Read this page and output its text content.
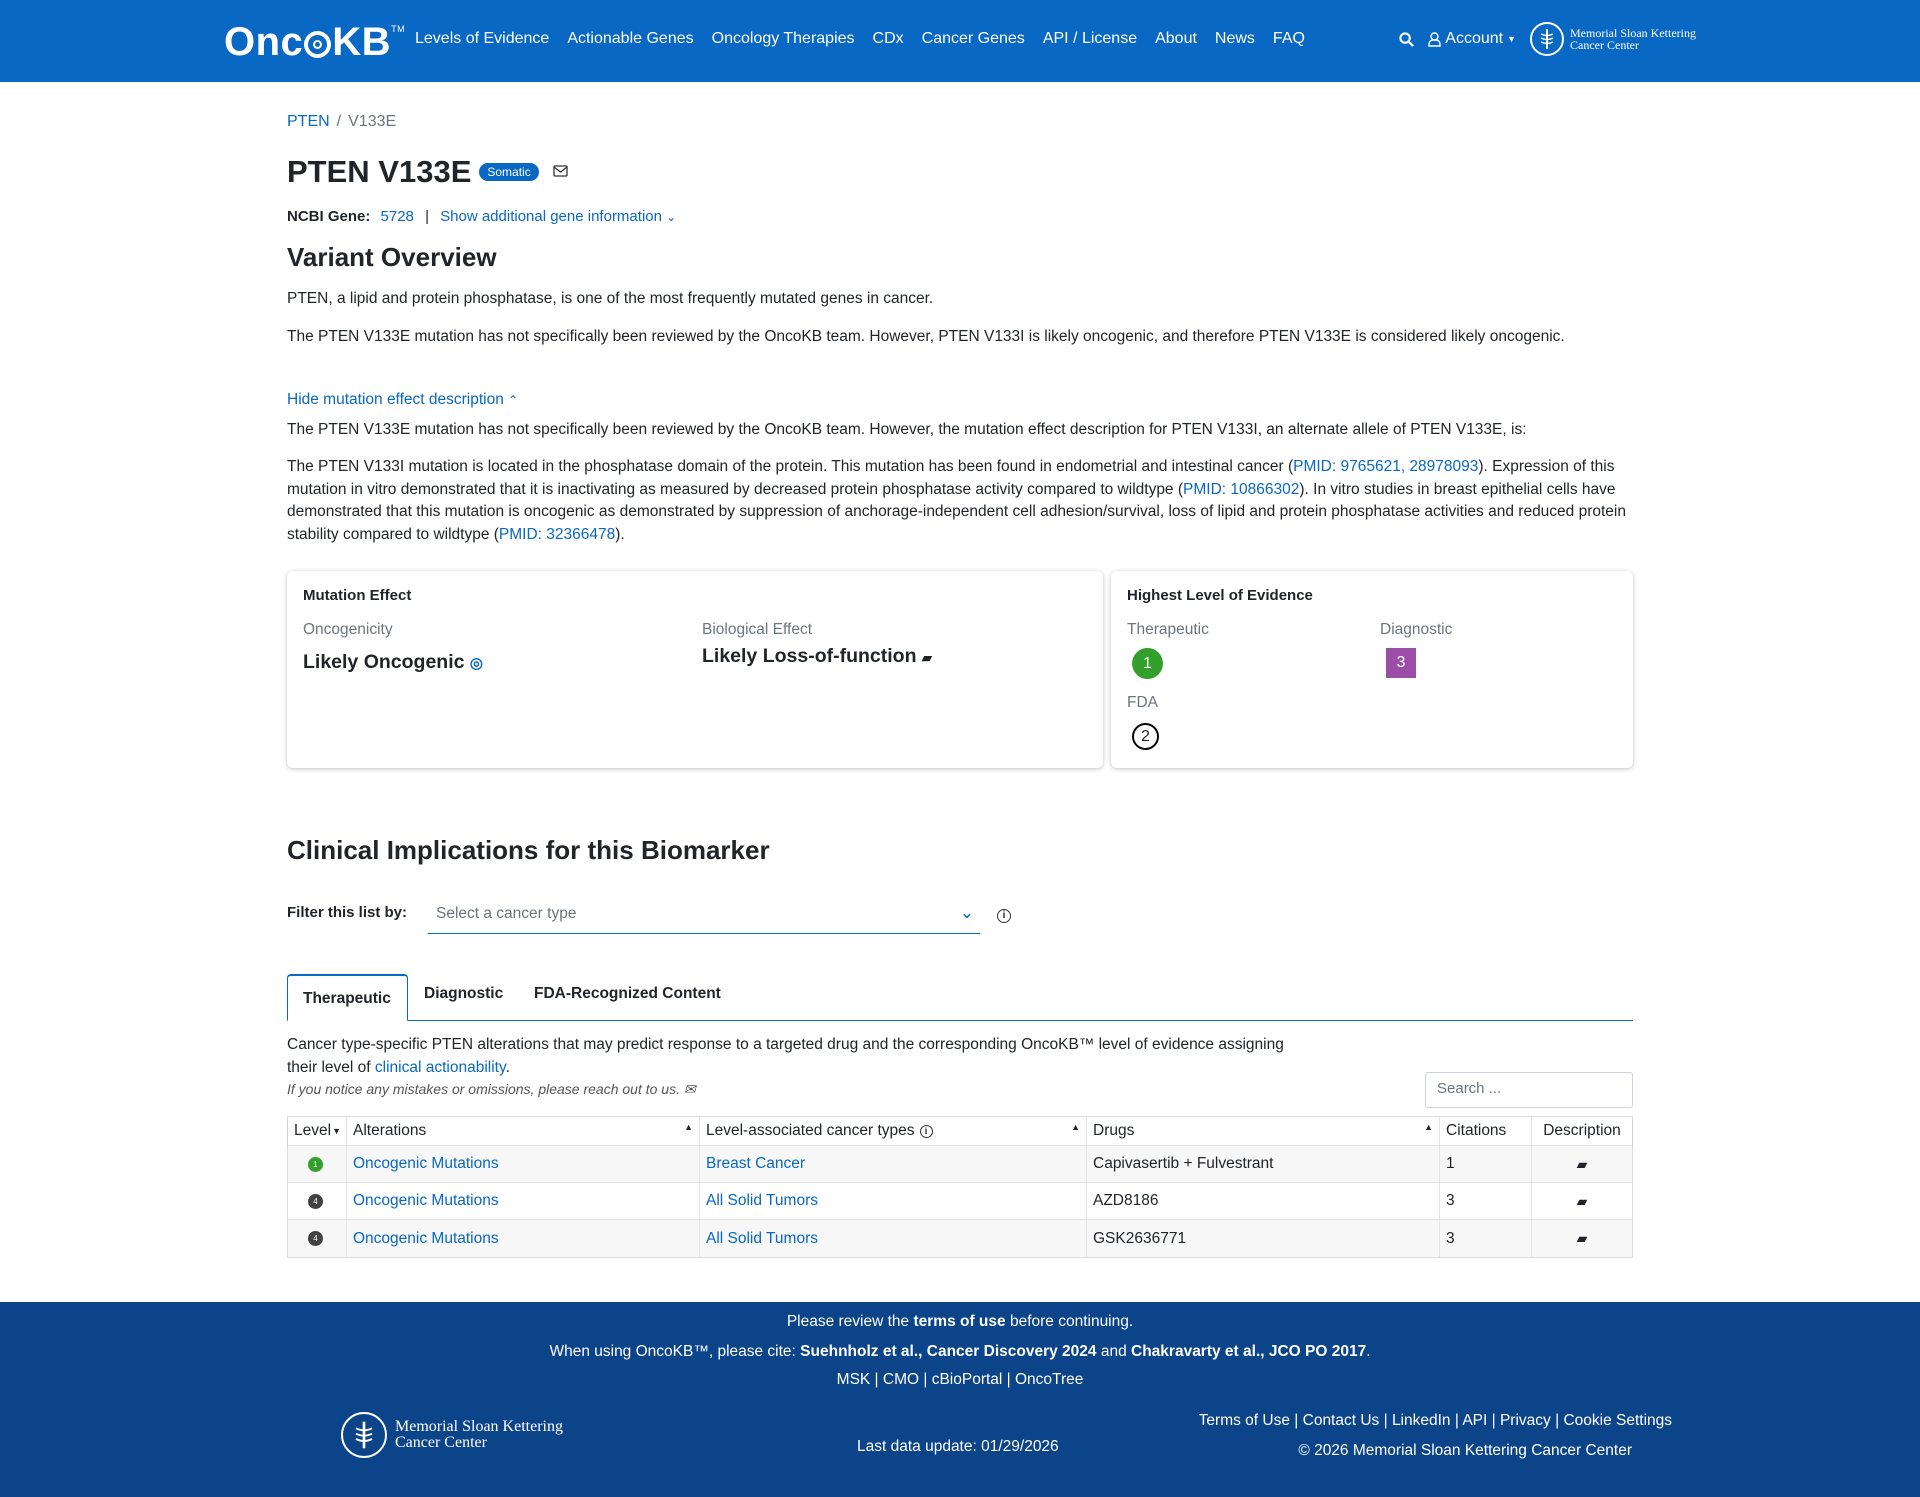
Onc KB™
Levels of Evidence Actionable Genes Oncology Therapies CDx Cancer Genes API / License About News FAQ	Account ▼	Memorial Sloan Kettering
Cancer Center
PTEN / V133E
PTEN V133E	Somatic
NCBI Gene: 5728 | Show additional gene information ⌄
Variant Overview

PTEN, a lipid and protein phosphatase, is one of the most frequently mutated genes in cancer.

The PTEN V133E mutation has not specifically been reviewed by the OncoKB team. However, PTEN V133I is likely oncogenic, and therefore PTEN V133E is considered likely oncogenic.

Hide mutation effect description ⌃

The PTEN V133E mutation has not specifically been reviewed by the OncoKB team. However, the mutation effect description for PTEN V133I, an alternate allele of PTEN V133E, is:

The PTEN V133I mutation is located in the phosphatase domain of the protein. This mutation has been found in endometrial and intestinal cancer (PMID: 9765621, 28978093). Expression of this mutation in vitro demonstrated that it is inactivating as measured by decreased protein phosphatase activity compared to wildtype (PMID: 10866302). In vitro studies in breast epithelial cells have demonstrated that this mutation is oncogenic as demonstrated by suppression of anchorage-independent cell adhesion/survival, loss of lipid and protein phosphatase activities and reduced protein stability compared to wildtype (PMID: 32366478).

Mutation Effect
Oncogenicity
Likely Oncogenic ◎
Biological Effect
Likely Loss-of-function ▰
Highest Level of Evidence
Therapeutic
1
Diagnostic
3
FDA
2
Clinical Implications for this Biomarker
Filter this list by:	Select a cancer type	⌄	i
Therapeutic	Diagnostic	FDA-Recognized Content

Cancer type-specific PTEN alterations that may predict response to a targeted drug and the corresponding OncoKB™ level of evidence assigning their level of clinical actionability.

If you notice any mistakes or omissions, please reach out to us. ✉	Search ...
Level ▼ Alterations	▲ Level-associated cancer types	i	▲ Drugs	▲ Citations Description
1	Oncogenic Mutations	Breast Cancer	Capivasertib + Fulvestrant	1	▰
4	Oncogenic Mutations	All Solid Tumors	AZD8186	3	▰
4	Oncogenic Mutations	All Solid Tumors	GSK2636771	3	▰
Please review the terms of use before continuing.
When using OncoKB™, please cite: Suehnholz et al., Cancer Discovery 2024 and Chakravarty et al., JCO PO 2017.
MSK | CMO | cBioPortal | OncoTree
Memorial Sloan Kettering
Cancer Center	Last data update: 01/29/2026
Terms of Use | Contact Us | LinkedIn | API | Privacy | Cookie Settings
© 2026 Memorial Sloan Kettering Cancer Center
